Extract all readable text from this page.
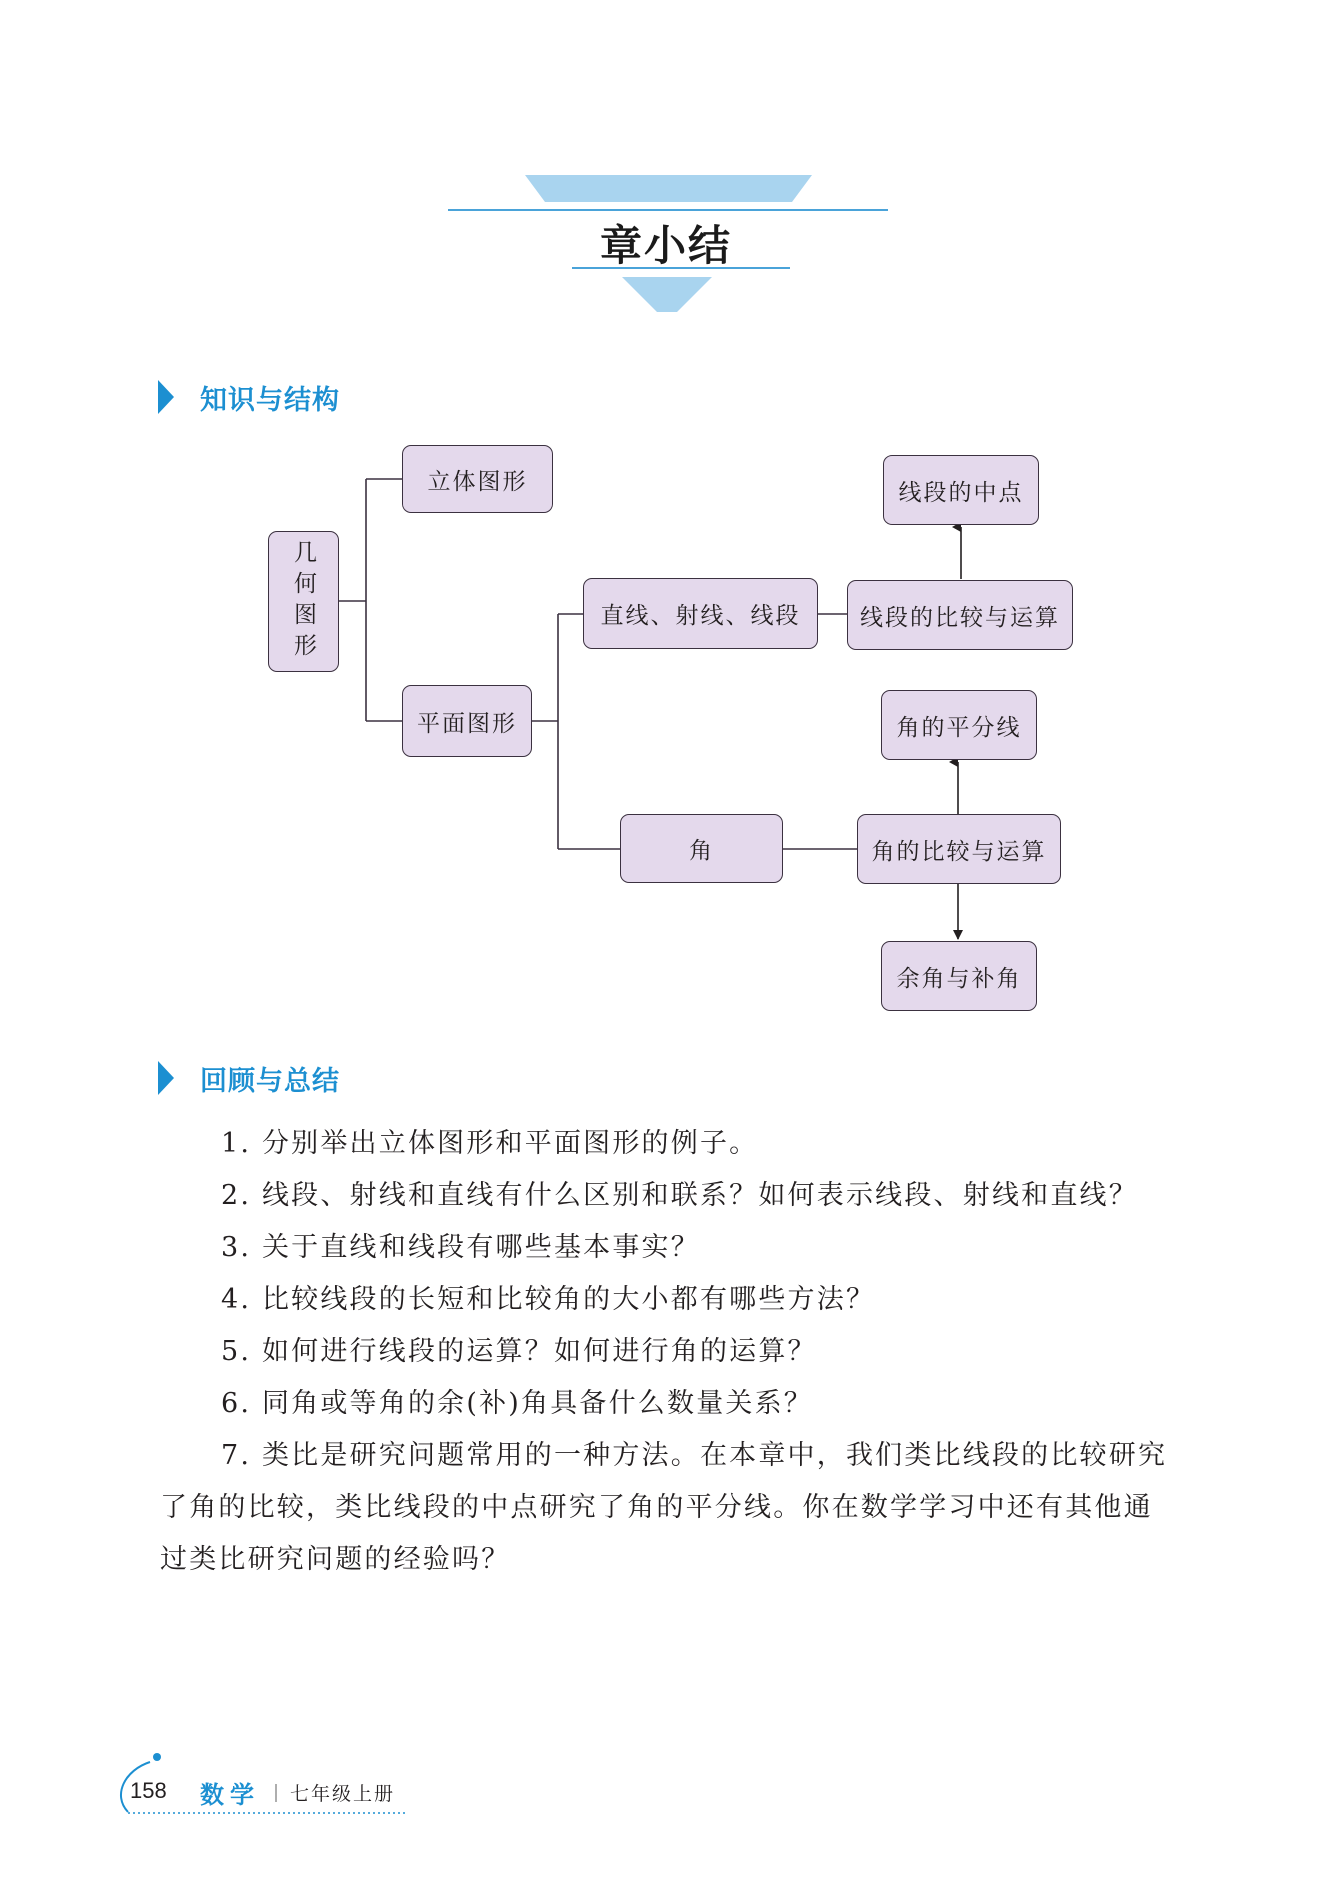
章小结
知识与结构
几何图形
立体图形
平面图形
直线、射线、线段
角
线段的比较与运算
线段的中点
角的比较与运算
角的平分线
余角与补角
回顾与总结
1. 分别举出立体图形和平面图形的例子。
2. 线段、射线和直线有什么区别和联系？如何表示线段、射线和直线？
3. 关于直线和线段有哪些基本事实？
4. 比较线段的长短和比较角的大小都有哪些方法？
5. 如何进行线段的运算？如何进行角的运算？
6. 同角或等角的余(补)角具备什么数量关系？
7. 类比是研究问题常用的一种方法。在本章中，我们类比线段的比较研究
了角的比较，类比线段的中点研究了角的平分线。你在数学学习中还有其他通
过类比研究问题的经验吗？
158 数学 七年级上册
